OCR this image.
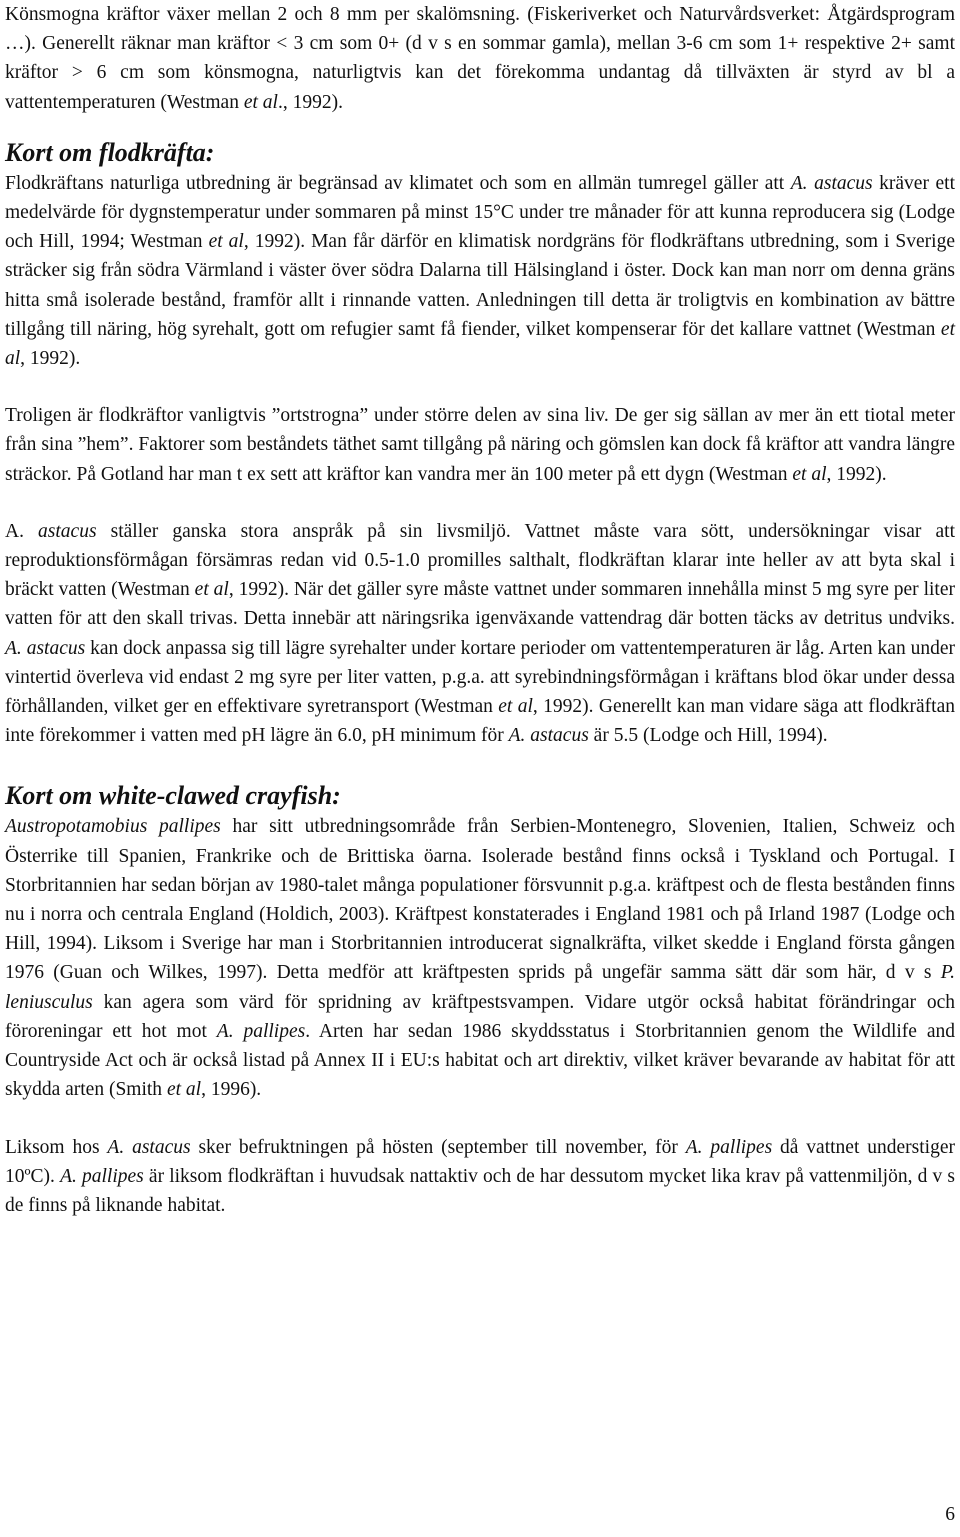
Könsmogna kräftor växer mellan 2 och 8 mm per skalömsning. (Fiskeriverket och Naturvårdsverket: Åtgärdsprogram …). Generellt räknar man kräftor < 3 cm som 0+ (d v s en sommar gamla), mellan 3-6 cm som 1+ respektive 2+ samt kräftor > 6 cm som könsmogna, naturligtvis kan det förekomma undantag då tillväxten är styrd av bl a vattentemperaturen (Westman et al., 1992).

Kort om flodkräfta:

Flodkräftans naturliga utbredning är begränsad av klimatet och som en allmän tumregel gäller att A. astacus kräver ett medelvärde för dygnstemperatur under sommaren på minst 15°C under tre månader för att kunna reproducera sig (Lodge och Hill, 1994; Westman et al, 1992). Man får därför en klimatisk nordgräns för flodkräftans utbredning, som i Sverige sträcker sig från södra Värmland i väster över södra Dalarna till Hälsingland i öster. Dock kan man norr om denna gräns hitta små isolerade bestånd, framför allt i rinnande vatten. Anledningen till detta är troligtvis en kombination av bättre tillgång till näring, hög syrehalt, gott om refugier samt få fiender, vilket kompenserar för det kallare vattnet (Westman et al, 1992).

Troligen är flodkräftor vanligtvis ”ortstrogna” under större delen av sina liv. De ger sig sällan av mer än ett tiotal meter från sina ”hem”. Faktorer som beståndets täthet samt tillgång på näring och gömslen kan dock få kräftor att vandra längre sträckor. På Gotland har man t ex sett att kräftor kan vandra mer än 100 meter på ett dygn (Westman et al, 1992).

A. astacus ställer ganska stora anspråk på sin livsmiljö. Vattnet måste vara sött, undersökningar visar att reproduktionsförmågan försämras redan vid 0.5-1.0 promilles salthalt, flodkräftan klarar inte heller av att byta skal i bräckt vatten (Westman et al, 1992). När det gäller syre måste vattnet under sommaren innehålla minst 5 mg syre per liter vatten för att den skall trivas. Detta innebär att näringsrika igenväxande vattendrag där botten täcks av detritus undviks. A. astacus kan dock anpassa sig till lägre syrehalter under kortare perioder om vattentemperaturen är låg. Arten kan under vintertid överleva vid endast 2 mg syre per liter vatten, p.g.a. att syrebindningsförmågan i kräftans blod ökar under dessa förhållanden, vilket ger en effektivare syretransport (Westman et al, 1992). Generellt kan man vidare säga att flodkräftan inte förekommer i vatten med pH lägre än 6.0, pH minimum för A. astacus är 5.5 (Lodge och Hill, 1994).

Kort om white-clawed crayfish:

Austropotamobius pallipes har sitt utbredningsområde från Serbien-Montenegro, Slovenien, Italien, Schweiz och Österrike till Spanien, Frankrike och de Brittiska öarna. Isolerade bestånd finns också i Tyskland och Portugal. I Storbritannien har sedan början av 1980-talet många populationer försvunnit p.g.a. kräftpest och de flesta bestånden finns nu i norra och centrala England (Holdich, 2003). Kräftpest konstaterades i England 1981 och på Irland 1987 (Lodge och Hill, 1994). Liksom i Sverige har man i Storbritannien introducerat signalkräfta, vilket skedde i England första gången 1976 (Guan och Wilkes, 1997). Detta medför att kräftpesten sprids på ungefär samma sätt där som här, d v s P. leniusculus kan agera som värd för spridning av kräftpestsvampen. Vidare utgör också habitat förändringar och föroreningar ett hot mot A. pallipes. Arten har sedan 1986 skyddsstatus i Storbritannien genom the Wildlife and Countryside Act och är också listad på Annex II i EU:s habitat och art direktiv, vilket kräver bevarande av habitat för att skydda arten (Smith et al, 1996).

Liksom hos A. astacus sker befruktningen på hösten (september till november, för A. pallipes då vattnet understiger 10ºC). A. pallipes är liksom flodkräftan i huvudsak nattaktiv och de har dessutom mycket lika krav på vattenmiljön, d v s de finns på liknande habitat.

6
